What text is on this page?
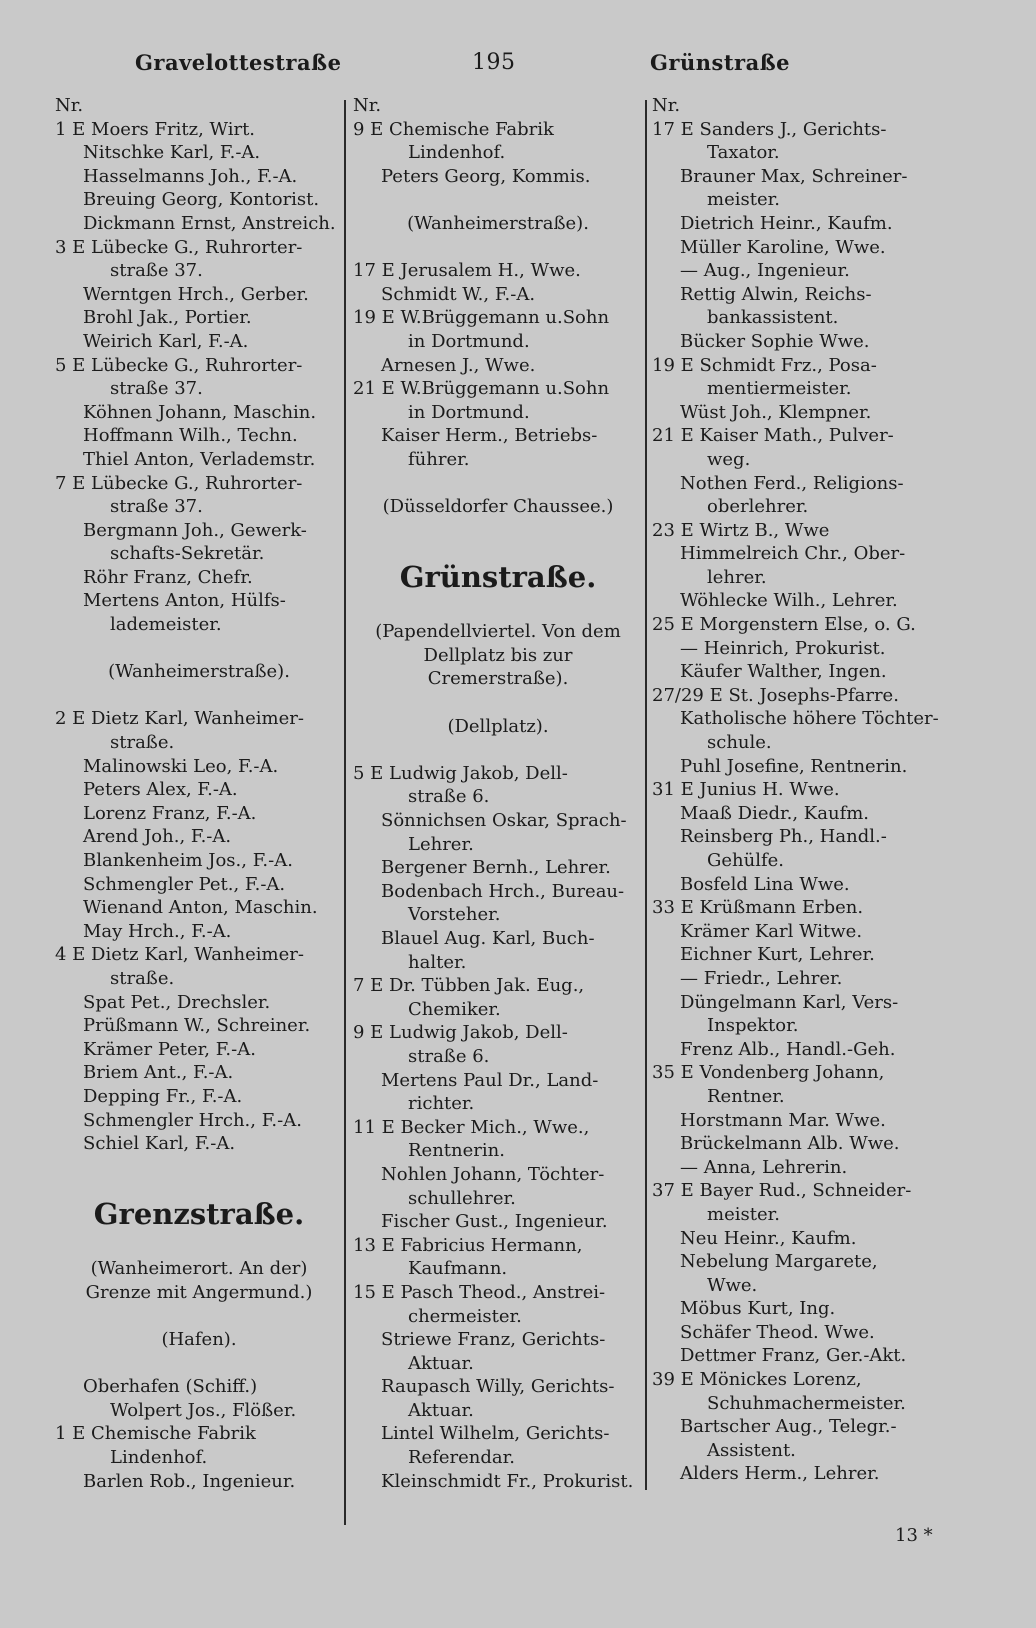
Gravelottestraße	195	Grünstraße
Nr.
1 E Moers Fritz, Wirt.
Nitschke Karl, F.-A.
Hasselmanns Joh., F.-A.
Breuing Georg, Kontorist.
Dickmann Ernst, Anstreich.
3 E Lübecke G., Ruhrorter-
straße 37.
Werntgen Hrch., Gerber.
Brohl Jak., Portier.
Weirich Karl, F.-A.
5 E Lübecke G., Ruhrorter-
straße 37.
Köhnen Johann, Maschin.
Hoffmann Wilh., Techn.
Thiel Anton, Verlademstr.
7 E Lübecke G., Ruhrorter-
straße 37.
Bergmann Joh., Gewerk-
schafts-Sekretär.
Röhr Franz, Chefr.
Mertens Anton, Hülfs-
lademeister.
(Wanheimerstraße).
2 E Dietz Karl, Wanheimer-
straße.
Malinowski Leo, F.-A.
Peters Alex, F.-A.
Lorenz Franz, F.-A.
Arend Joh., F.-A.
Blankenheim Jos., F.-A.
Schmengler Pet., F.-A.
Wienand Anton, Maschin.
May Hrch., F.-A.
4 E Dietz Karl, Wanheimer-
straße.
Spat Pet., Drechsler.
Prüßmann W., Schreiner.
Krämer Peter, F.-A.
Briem Ant., F.-A.
Depping Fr., F.-A.
Schmengler Hrch., F.-A.
Schiel Karl, F.-A.
Grenzstraße.
(Wanheimerort. An der)
Grenze mit Angermund.)
(Hafen).
Oberhafen (Schiff.)
Wolpert Jos., Flößer.
1 E Chemische Fabrik
Lindenhof.
Barlen Rob., Ingenieur.
Nr.
9 E Chemische Fabrik
Lindenhof.
Peters Georg, Kommis.
(Wanheimerstraße).
17 E Jerusalem H., Wwe.
Schmidt W., F.-A.
19 E W.Brüggemann u.Sohn
in Dortmund.
Arnesen J., Wwe.
21 E W.Brüggemann u.Sohn
in Dortmund.
Kaiser Herm., Betriebs-
führer.
(Düsseldorfer Chaussee.)
Grünstraße.
(Papendellviertel. Von dem
Dellplatz bis zur Cremerstraße).
(Dellplatz).
5 E Ludwig Jakob, Dell-
straße 6.
Sönnichsen Oskar, Sprach-
Lehrer.
Bergener Bernh., Lehrer.
Bodenbach Hrch., Bureau-
Vorsteher.
Blauel Aug. Karl, Buch-
halter.
7 E Dr. Tübben Jak. Eug.,
Chemiker.
9 E Ludwig Jakob, Dell-
straße 6.
Mertens Paul Dr., Land-
richter.
11 E Becker Mich., Wwe.,
Rentnerin.
Nohlen Johann, Töchter-
schullehrer.
Fischer Gust., Ingenieur.
13 E Fabricius Hermann,
Kaufmann.
15 E Pasch Theod., Anstrei-
chermeister.
Striewe Franz, Gerichts-
Aktuar.
Raupasch Willy, Gerichts-
Aktuar.
Lintel Wilhelm, Gerichts-
Referendar.
Kleinschmidt Fr., Prokurist.
Nr.
17 E Sanders J., Gerichts-
Taxator.
Brauner Max, Schreiner-
meister.
Dietrich Heinr., Kaufm.
Müller Karoline, Wwe.
— Aug., Ingenieur.
Rettig Alwin, Reichs-
bankassistent.
Bücker Sophie Wwe.
19 E Schmidt Frz., Posa-
mentiermeister.
Wüst Joh., Klempner.
21 E Kaiser Math., Pulver-
weg.
Nothen Ferd., Religions-
oberlehrer.
23 E Wirtz B., Wwe
Himmelreich Chr., Ober-
lehrer.
Wöhlecke Wilh., Lehrer.
25 E Morgenstern Else, o. G.
— Heinrich, Prokurist.
Käufer Walther, Ingen.
27/29 E St. Josephs-Pfarre.
Katholische höhere Töchter-
schule.
Puhl Josefine, Rentnerin.
31 E Junius H. Wwe.
Maaß Diedr., Kaufm.
Reinsberg Ph., Handl.-
Gehülfe.
Bosfeld Lina Wwe.
33 E Krüßmann Erben.
Krämer Karl Witwe.
Eichner Kurt, Lehrer.
— Friedr., Lehrer.
Düngelmann Karl, Vers-
Inspektor.
Frenz Alb., Handl.-Geh.
35 E Vondenberg Johann,
Rentner.
Horstmann Mar. Wwe.
Brückelmann Alb. Wwe.
— Anna, Lehrerin.
37 E Bayer Rud., Schneider-
meister.
Neu Heinr., Kaufm.
Nebelung Margarete,
Wwe.
Möbus Kurt, Ing.
Schäfer Theod. Wwe.
Dettmer Franz, Ger.-Akt.
39 E Mönickes Lorenz,
Schuhmachermeister.
Bartscher Aug., Telegr.-
Assistent.
Alders Herm., Lehrer.
13 *
